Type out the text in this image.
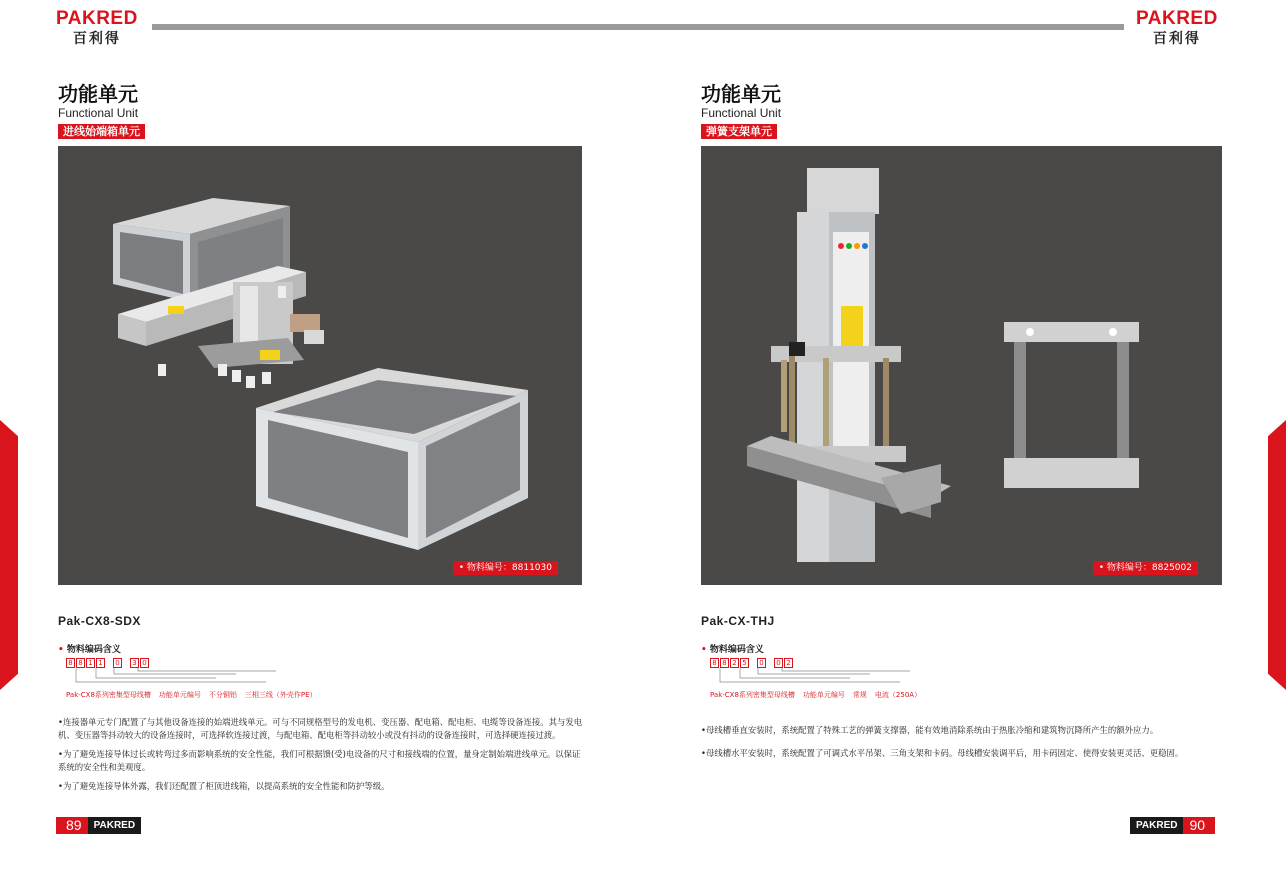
PAKRED
百利得
PAKRED
百利得
功能单元
Functional Unit
进线始端箱单元
• 物料编号：8811030
Pak-CX8-SDX
• 物料编码含义
8 8 1 1	0	3 0
Pak-CX8系列密集型母线槽 功能单元编号 不分铜铝 三相三线（外壳作PE）

•连接器单元专门配置了与其他设备连接的始端进线单元。可与不同规格型号的发电机、变压器、配电箱、配电柜、电缆等设备连接。其与发电机、变压器等抖动较大的设备连接时，可选择软连接过渡，与配电箱、配电柜等抖动较小或没有抖动的设备连接时，可选择硬连接过渡。

•为了避免连接导体过长或转弯过多而影响系统的安全性能，我们可根据馈(受)电设备的尺寸和接线端的位置，量身定制始端进线单元。以保证系统的安全性和美观度。

•为了避免连接导体外露，我们还配置了柜顶进线箱，以提高系统的安全性能和防护等级。

89	PAKRED
功能单元
Functional Unit
弹簧支架单元
• 物料编号：8825002
Pak-CX-THJ
• 物料编码含义
8 8 2 5	0	0 2
Pak-CX8系列密集型母线槽 功能单元编号 常规 电流（250A）

•母线槽垂直安装时，系统配置了特殊工艺的弹簧支撑器，能有效地消除系统由于热胀冷缩和建筑物沉降所产生的额外应力。

•母线槽水平安装时，系统配置了可调式水平吊架、三角支架和卡码。母线槽安装调平后，用卡码固定、使得安装更灵活、更稳固。

PAKRED 90
